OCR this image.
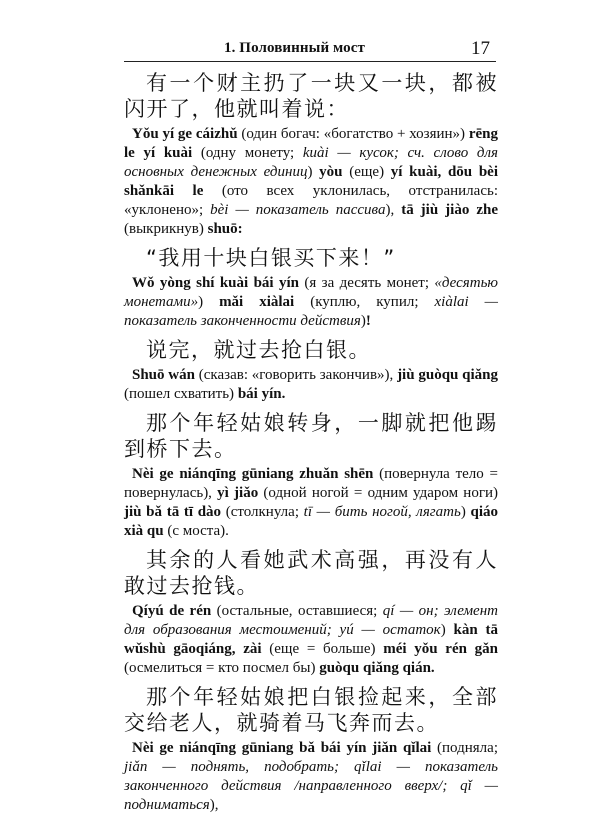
1. Половинный мост	17

有一个财主扔了一块又一块，都被闪开了，他就叫着说：

Yǒu yí ge cáizhǔ (один богач: «богатство + хозяин») rēng le yí kuài (одну монету; kuài — кусок; сч. слово для основных денежных единиц) yòu (еще) yí kuài, dōu bèi shǎnkāi le (ото всех уклонилась, отстранилась: «уклонено»; bèi — показатель пассива), tā jiù jiào zhe (выкрикнув) shuō:

“我用十块白银买下来！”

Wǒ yòng shí kuài bái yín (я за десять монет; «десятью монетами») mǎi xiàlai (куплю, купил; xiàlai — показатель законченности действия)!

说完，就过去抢白银。

Shuō wán (сказав: «говорить закончив»), jiù guòqu qiǎng (пошел схватить) bái yín.

那个年轻姑娘转身，一脚就把他踢到桥下去。

Nèi ge niánqīng gūniang zhuǎn shēn (повернула тело = повернулась), yì jiǎo (одной ногой = одним ударом ноги) jiù bǎ tā tī dào (столкнула; tī — бить ногой, лягать) qiáo xià qu (с моста).

其余的人看她武术高强，再没有人敢过去抢钱。

Qíyú de rén (остальные, оставшиеся; qí — он; элемент для образования местоимений; yú — остаток) kàn tā wǔshù gāoqiáng, zài (еще = больше) méi yǒu rén gǎn (осмелиться = кто посмел бы) guòqu qiǎng qián.

那个年轻姑娘把白银捡起来，全部交给老人，就骑着马飞奔而去。

Nèi ge niánqīng gūniang bǎ bái yín jiǎn qǐlai (подняла; jiǎn — поднять, подобрать; qǐlai — показатель законченного действия /направленного вверх/; qǐ — подниматься),
